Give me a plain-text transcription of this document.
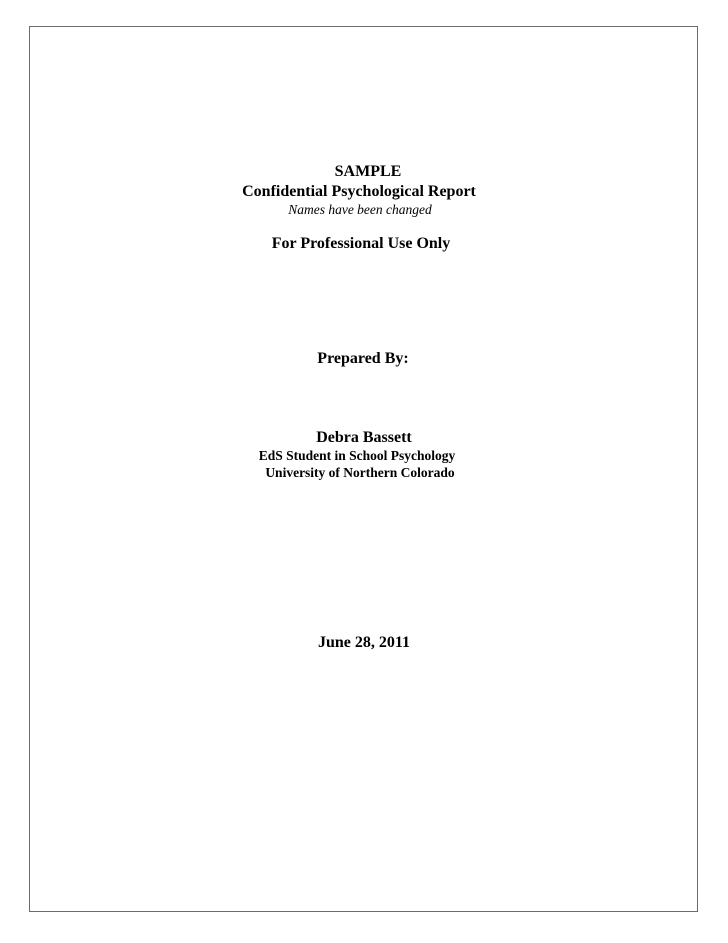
SAMPLE
Confidential Psychological Report
Names have been changed
For Professional Use Only
Prepared By:
Debra Bassett
EdS Student in School Psychology
University of Northern Colorado
June 28, 2011
